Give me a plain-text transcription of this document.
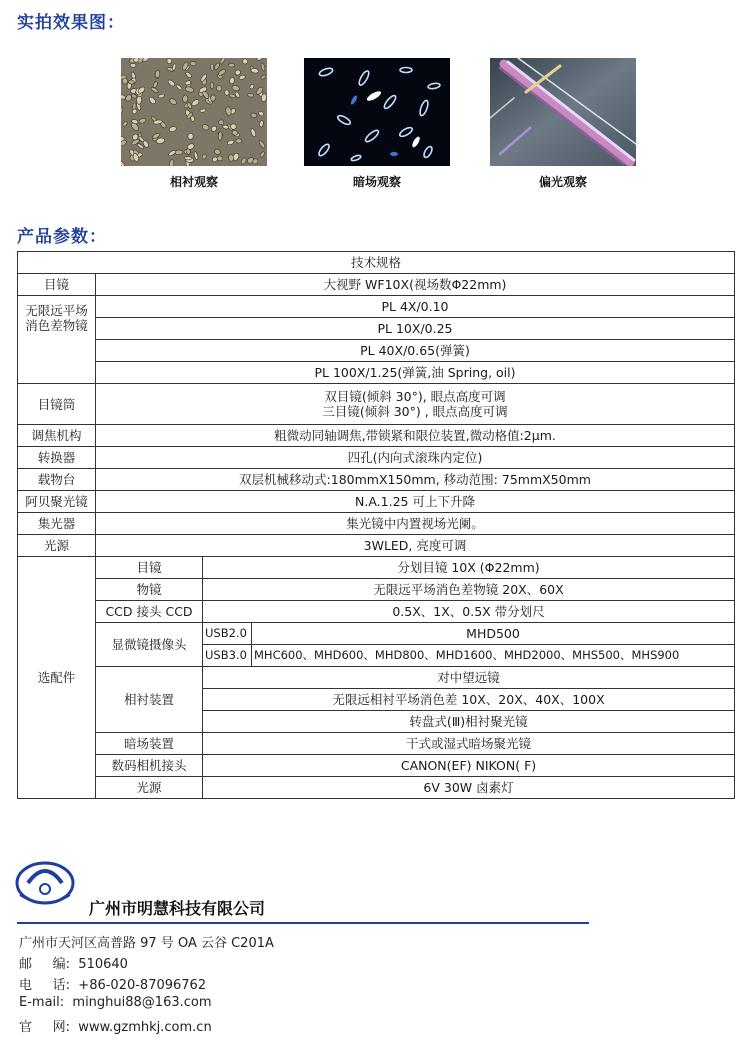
实拍效果图：
相衬观察	暗场观察	偏光观察
产品参数：
技术规格			
目镜	大视野 WF10X(视场数Φ22mm)		

无限远平场
消色差物镜	PL 4X/0.10		
	PL 10X/0.25		
	PL 40X/0.65(弹簧)		
	PL 100X/1.25(弹簧,油 Spring, oil)		
目镜筒	双目镜(倾斜 30°), 眼点高度可调
三目镜(倾斜 30°) , 眼点高度可调		

调焦机构	粗微动同轴调焦,带锁紧和限位装置,微动格值:2μm.		
转换器	四孔(内向式滚珠内定位)		
载物台	双层机械移动式:180mmX150mm, 移动范围: 75mmX50mm		
阿贝聚光镜	N.A.1.25 可上下升降		
集光器	集光镜中内置视场光阑。		
光源	3WLED, 亮度可调		
选配件	目镜	分划目镜 10X (Φ22mm)	
	物镜	无限远平场消色差物镜 20X、60X	
	CCD 接头 CCD	0.5X、1X、0.5X 带分划尺	
	显微镜摄像头	USB2.0	MHD500
		USB3.0	MHC600、MHD600、MHD800、MHD1600、MHD2000、MHS500、MHS900
	相衬装置	对中望远镜	
		无限远相衬平场消色差 10X、20X、40X、100X	
		转盘式(Ⅲ)相衬聚光镜	
	暗场装置	干式或湿式暗场聚光镜	
	数码相机接头	CANON(EF) NIKON( F)	
	光源	6V 30W 卤素灯	
广州市明慧科技有限公司
广州市天河区高普路 97 号 OA 云谷 C201A
邮     编:  510640
电     话:  +86-020-87096762
E-mail:  minghui88@163.com
官     网:  www.gzmhkj.com.cn
